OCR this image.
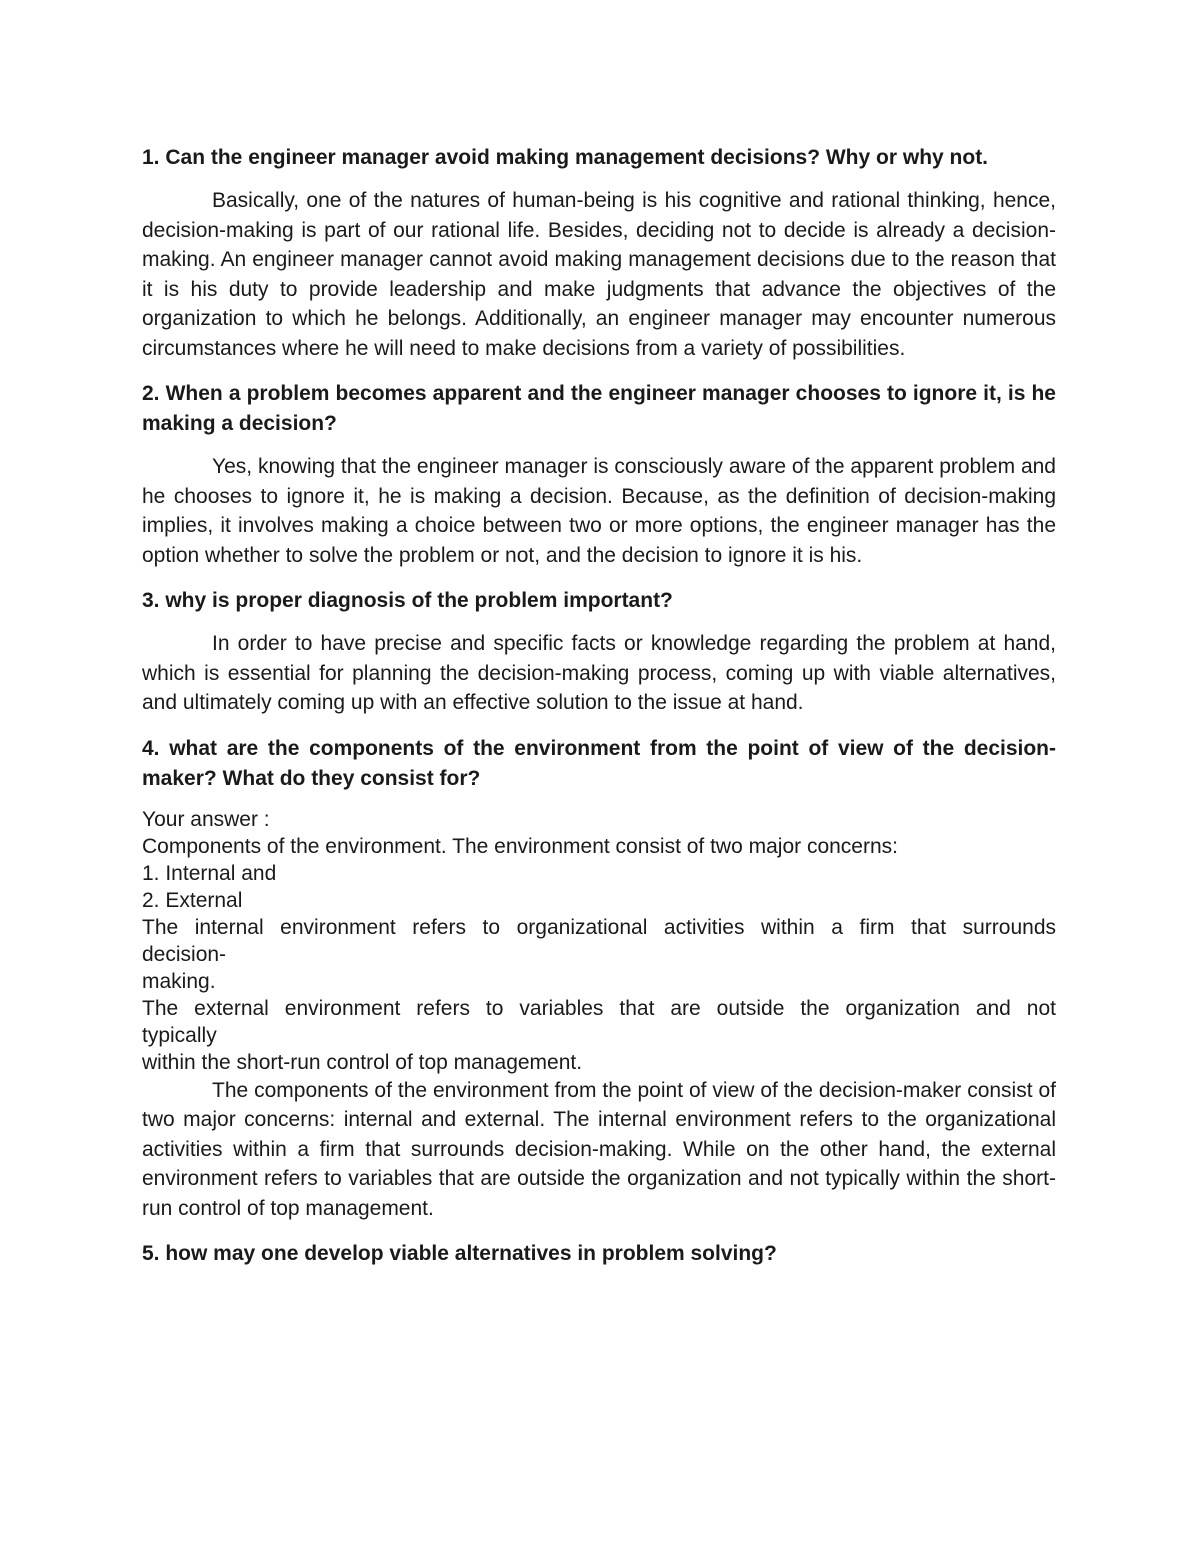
1. Can the engineer manager avoid making management decisions? Why or why not.

Basically, one of the natures of human-being is his cognitive and rational thinking, hence, decision-making is part of our rational life. Besides, deciding not to decide is already a decision-making. An engineer manager cannot avoid making management decisions due to the reason that it is his duty to provide leadership and make judgments that advance the objectives of the organization to which he belongs. Additionally, an engineer manager may encounter numerous circumstances where he will need to make decisions from a variety of possibilities.

2. When a problem becomes apparent and the engineer manager chooses to ignore it, is he making a decision?

Yes, knowing that the engineer manager is consciously aware of the apparent problem and he chooses to ignore it, he is making a decision. Because, as the definition of decision-making implies, it involves making a choice between two or more options, the engineer manager has the option whether to solve the problem or not, and the decision to ignore it is his.

3. why is proper diagnosis of the problem important?

In order to have precise and specific facts or knowledge regarding the problem at hand, which is essential for planning the decision-making process, coming up with viable alternatives, and ultimately coming up with an effective solution to the issue at hand.

4. what are the components of the environment from the point of view of the decision-maker? What do they consist for?

Your answer :

Components of the environment. The environment consist of two major concerns:

1. Internal and

2. External

The internal environment refers to organizational activities within a firm that surrounds

decision-

making.

The external environment refers to variables that are outside the organization and not

typically

within the short-run control of top management.

The components of the environment from the point of view of the decision-maker consist of two major concerns: internal and external. The internal environment refers to the organizational activities within a firm that surrounds decision-making. While on the other hand, the external environment refers to variables that are outside the organization and not typically within the short-run control of top management.

5. how may one develop viable alternatives in problem solving?
